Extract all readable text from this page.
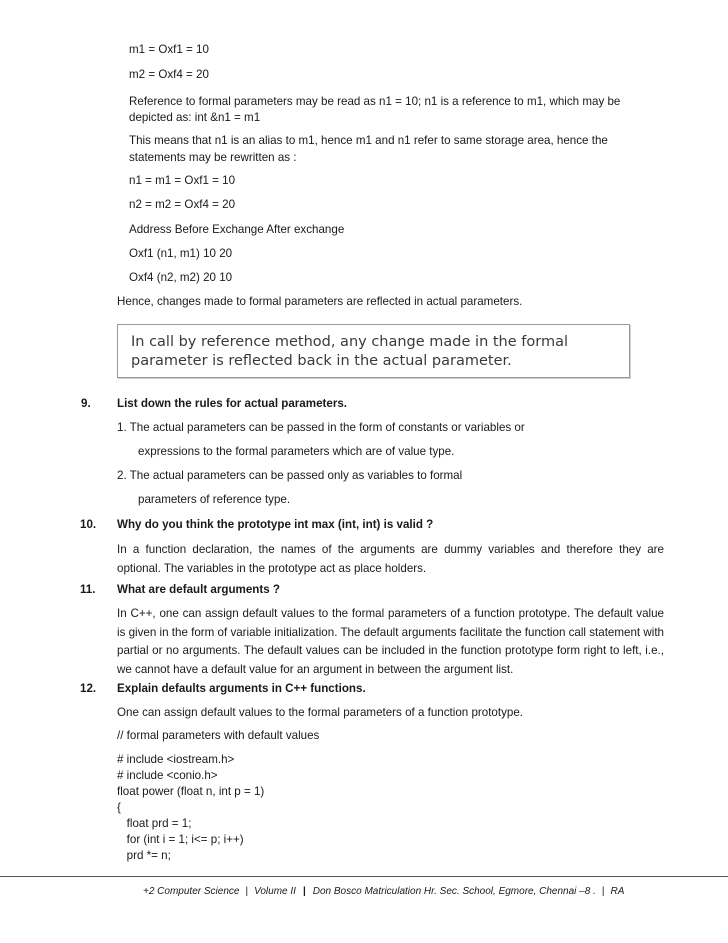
m1 = Oxf1 = 10
m2 = Oxf4 = 20
Reference to formal parameters may be read as n1 = 10; n1 is a reference to m1, which may be
depicted as: int &n1 = m1
This means that n1 is an alias to m1, hence m1 and n1 refer to same storage area, hence the
statements may be rewritten as :
n1 = m1 = Oxf1 = 10
n2 = m2 = Oxf4 = 20
Address Before Exchange After exchange
Oxf1 (n1, m1) 10 20
Oxf4 (n2, m2) 20 10
Hence, changes made to formal parameters are reflected in actual parameters.
In call by reference method, any change made in the formal parameter is reflected back in the actual parameter.
9. List down the rules for actual parameters.
1. The actual parameters can be passed in the form of constants or variables or
expressions to the formal parameters which are of value type.
2. The actual parameters can be passed only as variables to formal
parameters of reference type.
10. Why do you think the prototype int max (int, int) is valid ?
In a function declaration, the names of the arguments are dummy variables and therefore they are optional. The variables in the prototype act as place holders.
11. What are default arguments ?
In C++, one can assign default values to the formal parameters of a function prototype. The default value is given in the form of variable initialization. The default arguments facilitate the function call statement with partial or no arguments. The default values can be included in the function prototype form right to left, i.e., we cannot have a default value for an argument in between the argument list.
12. Explain defaults arguments in C++ functions.
One can assign default values to the formal parameters of a function prototype.
// formal parameters with default values
# include <iostream.h>
# include <conio.h>
float power (float n, int p = 1)
{
float prd = 1;
for (int i = 1; i<= p; i++)
prd *= n;
+2 Computer Science | Volume II | Don Bosco Matriculation Hr. Sec. School, Egmore, Chennai –8 . | RA
